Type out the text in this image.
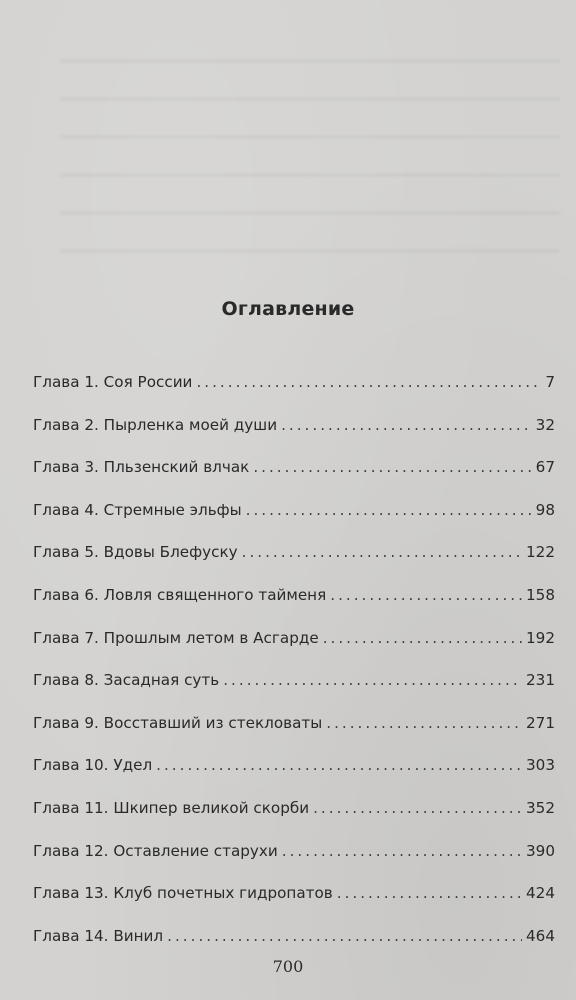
Оглавление
Глава 1. Соя России .....	7
Глава 2. Пырленка моей души .....	32
Глава 3. Пльзенский влчак .....	67
Глава 4. Стремные эльфы .....	98
Глава 5. Вдовы Блефуску .....	122
Глава 6. Ловля священного тайменя .....	158
Глава 7. Прошлым летом в Асгарде .....	192
Глава 8. Засадная суть .....	231
Глава 9. Восставший из стекловаты .....	271
Глава 10. Удел .....	303
Глава 11. Шкипер великой скорби .....	352
Глава 12. Оставление старухи .....	390
Глава 13. Клуб почетных гидропатов .....	424
Глава 14. Винил .....	464
700
